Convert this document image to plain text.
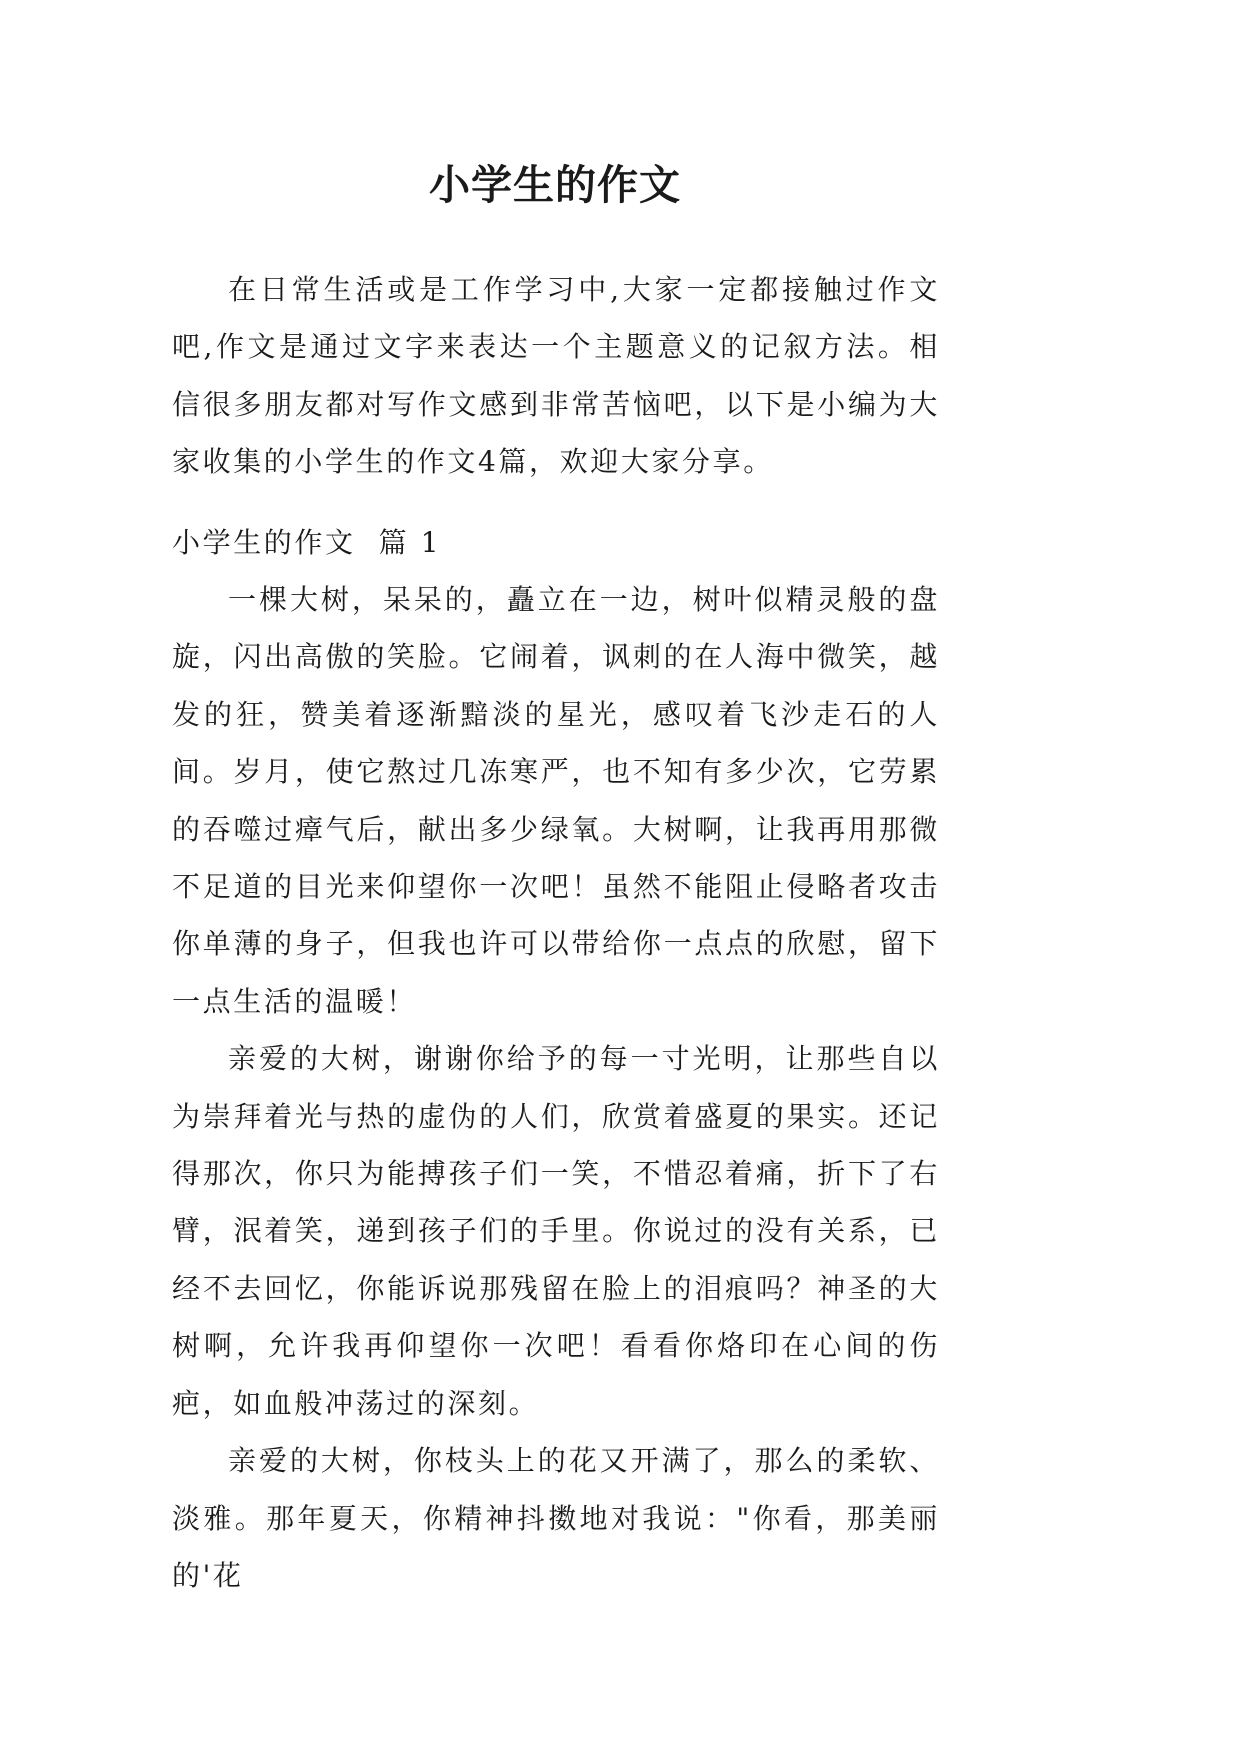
小学生的作文

在日常生活或是工作学习中,大家一定都接触过作文吧,作文是通过文字来表达一个主题意义的记叙方法。相信很多朋友都对写作文感到非常苦恼吧，以下是小编为大家收集的小学生的作文4篇，欢迎大家分享。

小学生的作文  篇 1

一棵大树，呆呆的，矗立在一边，树叶似精灵般的盘旋，闪出高傲的笑脸。它闹着，讽刺的在人海中微笑，越发的狂，赞美着逐渐黯淡的星光，感叹着飞沙走石的人间。岁月，使它熬过几冻寒严，也不知有多少次，它劳累的吞噬过瘴气后，献出多少绿氧。大树啊，让我再用那微不足道的目光来仰望你一次吧！虽然不能阻止侵略者攻击你单薄的身子，但我也许可以带给你一点点的欣慰，留下一点生活的温暖！

亲爱的大树，谢谢你给予的每一寸光明，让那些自以为崇拜着光与热的虚伪的人们，欣赏着盛夏的果实。还记得那次，你只为能搏孩子们一笑，不惜忍着痛，折下了右臂，泯着笑，递到孩子们的手里。你说过的没有关系，已经不去回忆，你能诉说那残留在脸上的泪痕吗？神圣的大树啊，允许我再仰望你一次吧！看看你烙印在心间的伤疤，如血般冲荡过的深刻。

亲爱的大树，你枝头上的花又开满了，那么的柔软、淡雅。那年夏天，你精神抖擞地对我说："你看，那美丽的'花
